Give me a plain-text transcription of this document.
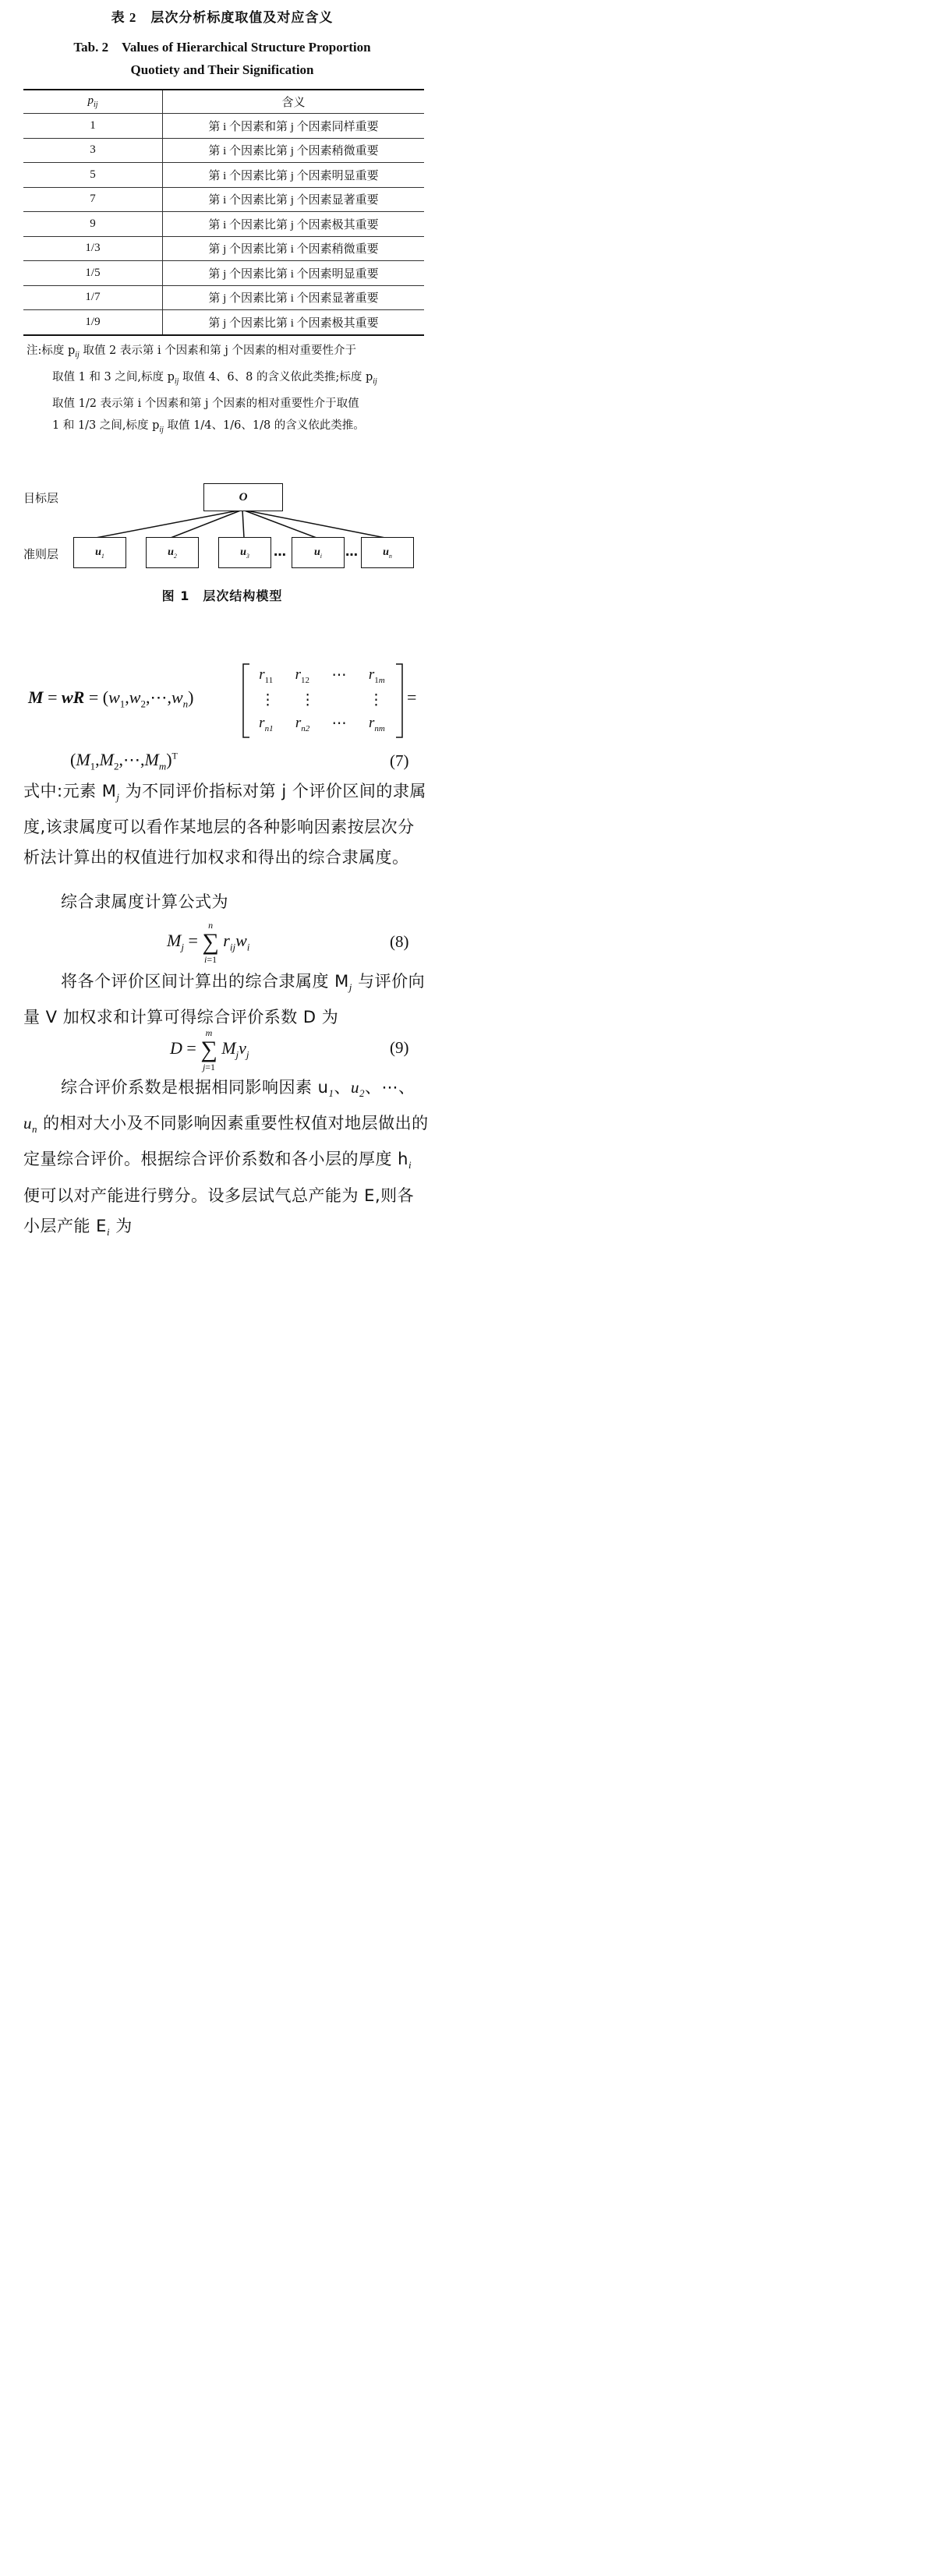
表 2　层次分析标度取值及对应含义
Tab. 2　Values of Hierarchical Structure Proportion
Quotiety and Their Signification
$p_{ij}$	含义
1	第 i 个因素和第 j 个因素同样重要
3	第 i 个因素比第 j 个因素稍微重要
5	第 i 个因素比第 j 个因素明显重要
7	第 i 个因素比第 j 个因素显著重要
9	第 i 个因素比第 j 个因素极其重要
1/3	第 j 个因素比第 i 个因素稍微重要
1/5	第 j 个因素比第 i 个因素明显重要
1/7	第 j 个因素比第 i 个因素显著重要
1/9	第 j 个因素比第 i 个因素极其重要
注:标度 $p_{ij}$ 取值 2 表示第 i 个因素和第 j 个因素的相对重要性介于
取值 1 和 3 之间,标度 $p_{ij}$ 取值 4、6、8 的含义依此类推;标度 $p_{ij}$
取值 1/2 表示第 i 个因素和第 j 个因素的相对重要性介于取值
1 和 1/3 之间,标度 $p_{ij}$ 取值 1/4、1/6、1/8 的含义依此类推。
目标层
准则层
O
$u_1$	$u_2$	$u_3$	…	$u_i$	…	$u_n$
图 1　层次结构模型
M = wR = $(w_1,w_2,\cdots,w_n)$
$r_{11}$ $r_{12}$ ⋯ $r_{1m}$
⋮ ⋮
	⋮
$r_{n1}$ $r_{n2}$ ⋯ $r_{nm}$
=
$(M_1,M_2,\cdots,M_m)^T$	(7)
式中:元素 $M_j$ 为不同评价指标对第 j 个评价区间的隶属度,该隶属度可以看作某地层的各种影响因素按层次分析法计算出的权值进行加权求和得出的综合隶属度。
综合隶属度计算公式为
$M_j$ =
n
∑
i=1
$r_{ij}w_i$	(8)
将各个评价区间计算出的综合隶属度 $M_j$ 与评价向量 V 加权求和计算可得综合评价系数 D 为
D =
m
∑
j=1
$M_jv_j$	(9)
综合评价系数是根据相同影响因素 $u_1$、$u_2$、⋯、$u_n$ 的相对大小及不同影响因素重要性权值对地层做出的定量综合评价。根据综合评价系数和各小层的厚度 $h_i$ 便可以对产能进行劈分。设多层试气总产能为 E,则各小层产能 $E_i$ 为
